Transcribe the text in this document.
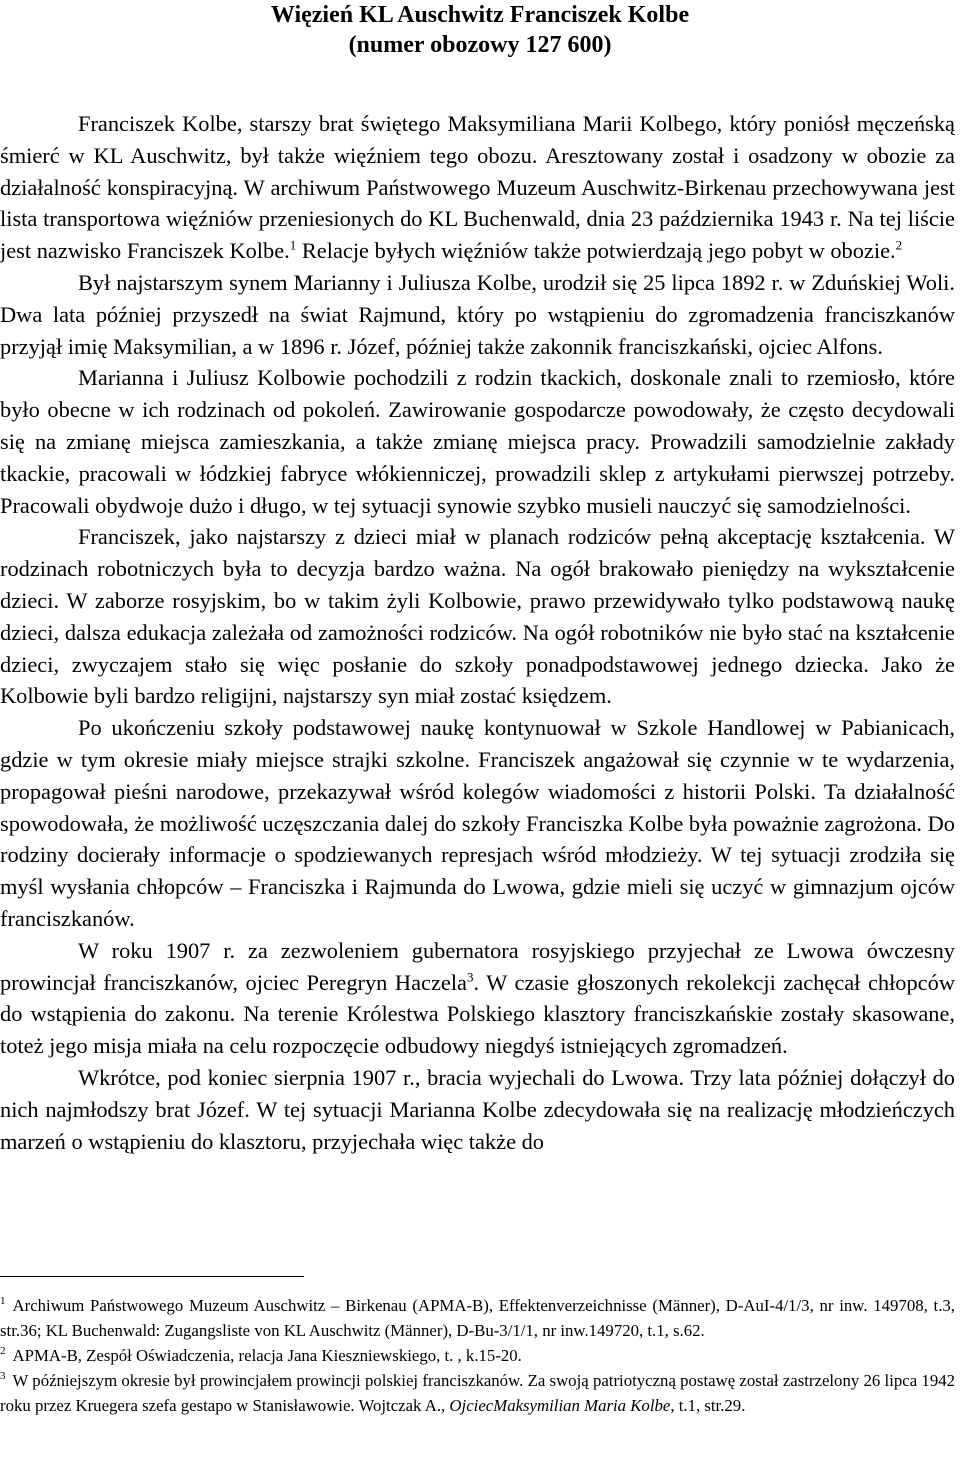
Więzień KL Auschwitz Franciszek Kolbe
(numer obozowy 127 600)

Franciszek Kolbe, starszy brat świętego Maksymiliana Marii Kolbego, który poniósł męczeńską śmierć w KL Auschwitz, był także więźniem tego obozu. Aresztowany został i osadzony w obozie za działalność konspiracyjną. W archiwum Państwowego Muzeum Auschwitz-Birkenau przechowywana jest lista transportowa więźniów przeniesionych do KL Buchenwald, dnia 23 października 1943 r. Na tej liście jest nazwisko Franciszek Kolbe.$^1$ Relacje byłych więźniów także potwierdzają jego pobyt w obozie.$^2$

Był najstarszym synem Marianny i Juliusza Kolbe, urodził się 25 lipca 1892 r. w Zduńskiej Woli. Dwa lata później przyszedł na świat Rajmund, który po wstąpieniu do zgromadzenia franciszkanów przyjął imię Maksymilian, a w 1896 r. Józef, później także zakonnik franciszkański, ojciec Alfons.

Marianna i Juliusz Kolbowie pochodzili z rodzin tkackich, doskonale znali to rzemiosło, które było obecne w ich rodzinach od pokoleń. Zawirowanie gospodarcze powodowały, że często decydowali się na zmianę miejsca zamieszkania, a także zmianę miejsca pracy. Prowadzili samodzielnie zakłady tkackie, pracowali w łódzkiej fabryce włókienniczej, prowadzili sklep z artykułami pierwszej potrzeby. Pracowali obydwoje dużo i długo, w tej sytuacji synowie szybko musieli nauczyć się samodzielności.

Franciszek, jako najstarszy z dzieci miał w planach rodziców pełną akceptację kształcenia. W rodzinach robotniczych była to decyzja bardzo ważna. Na ogół brakowało pieniędzy na wykształcenie dzieci. W zaborze rosyjskim, bo w takim żyli Kolbowie, prawo przewidywało tylko podstawową naukę dzieci, dalsza edukacja zależała od zamożności rodziców. Na ogół robotników nie było stać na kształcenie dzieci, zwyczajem stało się więc posłanie do szkoły ponadpodstawowej jednego dziecka. Jako że Kolbowie byli bardzo religijni, najstarszy syn miał zostać księdzem.

Po ukończeniu szkoły podstawowej naukę kontynuował w Szkole Handlowej w Pabianicach, gdzie w tym okresie miały miejsce strajki szkolne. Franciszek angażował się czynnie w te wydarzenia, propagował pieśni narodowe, przekazywał wśród kolegów wiadomości z historii Polski. Ta działalność spowodowała, że możliwość uczęszczania dalej do szkoły Franciszka Kolbe była poważnie zagrożona. Do rodziny docierały informacje o spodziewanych represjach wśród młodzieży. W tej sytuacji zrodziła się myśl wysłania chłopców – Franciszka i Rajmunda do Lwowa, gdzie mieli się uczyć w gimnazjum ojców franciszkanów.

W roku 1907 r. za zezwoleniem gubernatora rosyjskiego przyjechał ze Lwowa ówczesny prowincjał franciszkanów, ojciec Peregryn Haczela$^3$. W czasie głoszonych rekolekcji zachęcał chłopców do wstąpienia do zakonu. Na terenie Królestwa Polskiego klasztory franciszkańskie zostały skasowane, toteż jego misja miała na celu rozpoczęcie odbudowy niegdyś istniejących zgromadzeń.

Wkrótce, pod koniec sierpnia 1907 r., bracia wyjechali do Lwowa. Trzy lata później dołączył do nich najmłodszy brat Józef. W tej sytuacji Marianna Kolbe zdecydowała się na realizację młodzieńczych marzeń o wstąpieniu do klasztoru, przyjechała więc także do

$^1$ Archiwum Państwowego Muzeum Auschwitz – Birkenau (APMA-B), Effektenverzeichnisse (Männer), D-AuI-4/1/3, nr inw. 149708, t.3, str.36; KL Buchenwald: Zugangsliste von KL Auschwitz (Männer), D-Bu-3/1/1, nr inw.149720, t.1, s.62.

$^2$ APMA-B, Zespół Oświadczenia, relacja Jana Kieszniewskiego, t. , k.15-20.

$^3$ W późniejszym okresie był prowincjałem prowincji polskiej franciszkanów. Za swoją patriotyczną postawę został zastrzelony 26 lipca 1942 roku przez Kruegera szefa gestapo w Stanisławowie. Wojtczak A., OjciecMaksymilian Maria Kolbe, t.1, str.29.
